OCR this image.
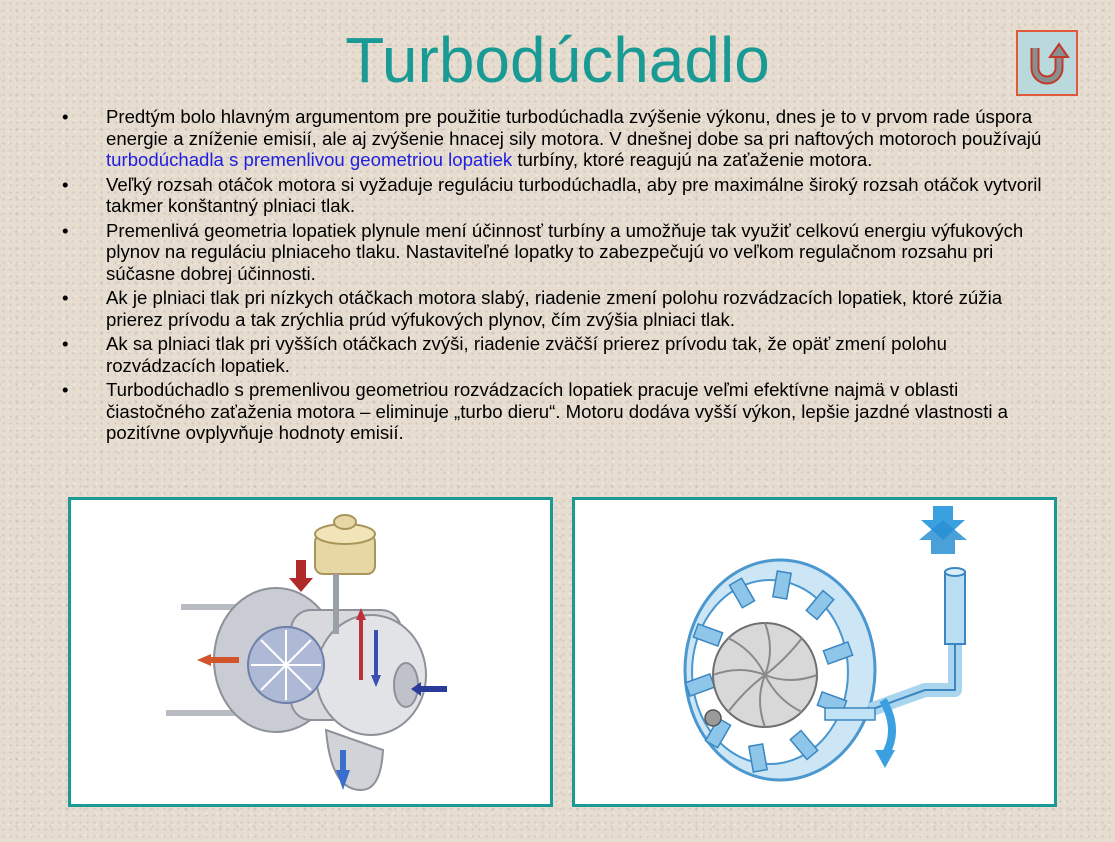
Turbodúchadlo
•	Predtým bolo hlavným argumentom pre použitie turbodúchadla zvýšenie výkonu, dnes je to v prvom rade úspora energie a zníženie emisií, ale aj zvýšenie hnacej sily motora. V dnešnej dobe sa pri naftových motoroch používajú turbodúchadla s premenlivou geometriou lopatiek turbíny, ktoré reagujú na zaťaženie motora.
•	Veľký rozsah otáčok motora si vyžaduje reguláciu turbodúchadla, aby pre maximálne široký rozsah otáčok vytvoril takmer konštantný plniaci tlak.
•	Premenlivá geometria lopatiek plynule mení účinnosť turbíny a umožňuje tak využiť celkovú energiu výfukových plynov na reguláciu plniaceho tlaku. Nastaviteľné lopatky to zabezpečujú vo veľkom regulačnom rozsahu pri súčasne dobrej účinnosti.
•	Ak je plniaci tlak pri nízkych otáčkach motora slabý, riadenie zmení polohu rozvádzacích lopatiek, ktoré zúžia prierez prívodu a tak zrýchlia prúd výfukových plynov, čím zvýšia plniaci tlak.
•	Ak sa plniaci tlak pri vyšších otáčkach zvýši, riadenie zväčší prierez prívodu tak, že opäť zmení polohu rozvádzacích lopatiek.
•	Turbodúchadlo s premenlivou geometriou rozvádzacích lopatiek pracuje veľmi efektívne najmä v oblasti čiastočného zaťaženia motora – eliminuje „turbo dieru“. Motoru dodáva vyšší výkon, lepšie jazdné vlastnosti a pozitívne ovplyvňuje hodnoty emisií.
